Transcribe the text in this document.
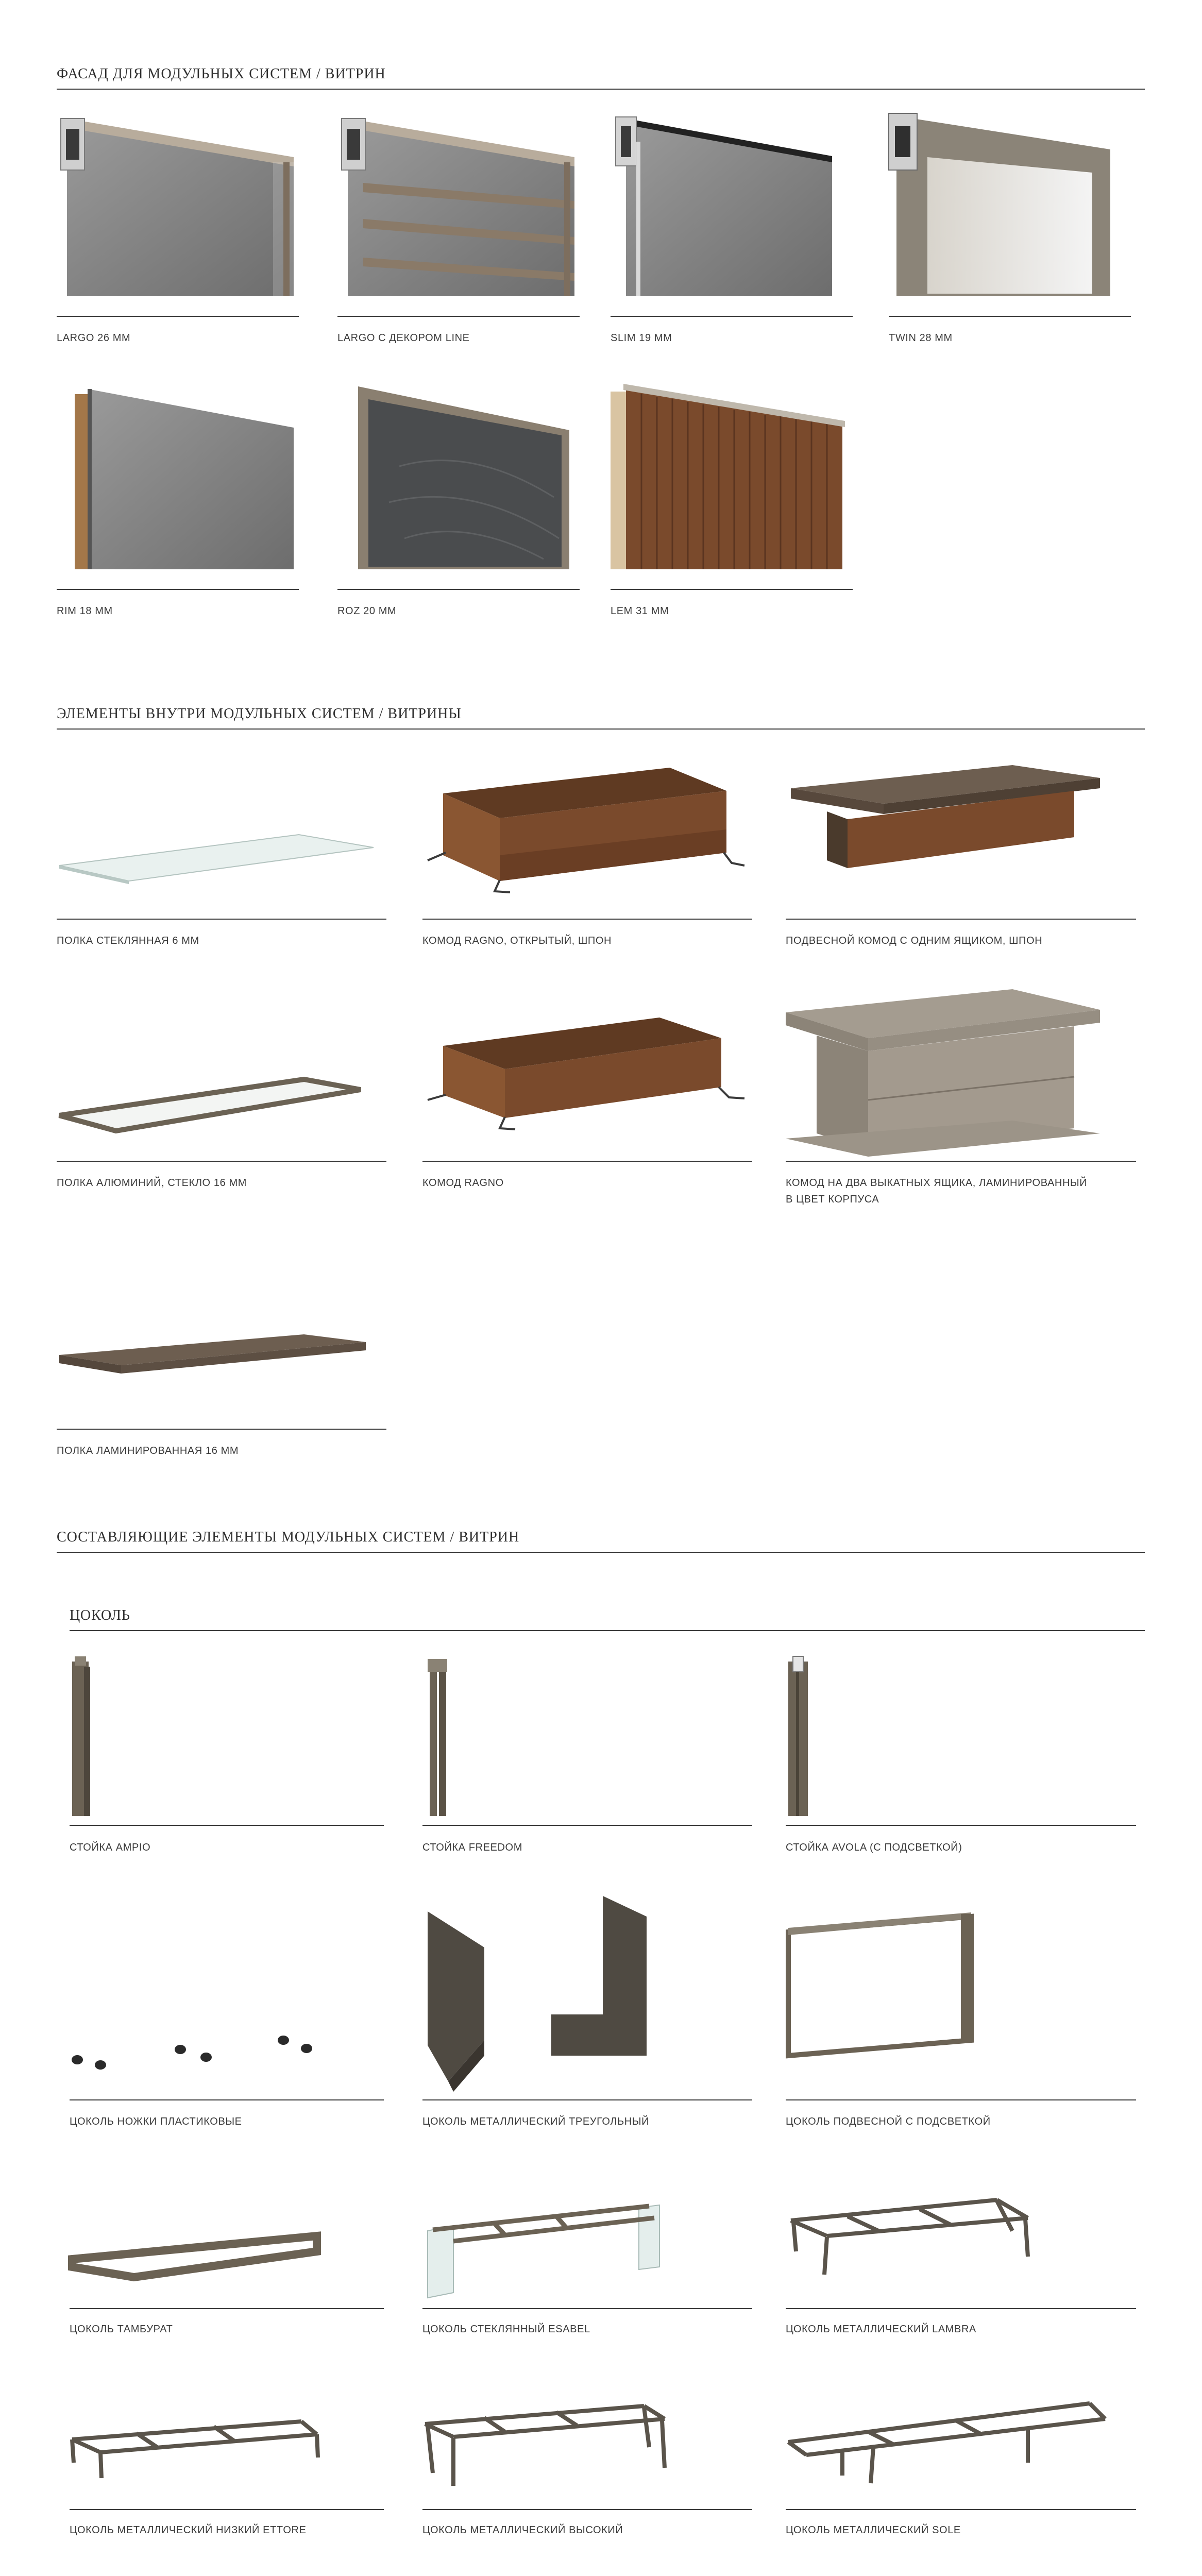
ФАСАД ДЛЯ МОДУЛЬНЫХ СИСТЕМ / ВИТРИН
LARGO 26 MM	LARGO С ДЕКОРОМ LINE	SLIM 19 MM	TWIN 28 MM
RIM 18 MM	ROZ 20 MM	LEM 31 MM
ЭЛЕМЕНТЫ ВНУТРИ МОДУЛЬНЫХ СИСТЕМ / ВИТРИНЫ
ПОЛКА СТЕКЛЯННАЯ 6 ММ	КОМОД RAGNO, ОТКРЫТЫЙ, ШПОН	ПОДВЕСНОЙ КОМОД С ОДНИМ ЯЩИКОМ, ШПОН
ПОЛКА АЛЮМИНИЙ, СТЕКЛО 16 ММ	КОМОД RAGNO	КОМОД НА ДВА ВЫКАТНЫХ ЯЩИКА, ЛАМИНИРОВАННЫЙ
В ЦВЕТ КОРПУСА
ПОЛКА ЛАМИНИРОВАННАЯ 16 ММ
СОСТАВЛЯЮЩИЕ ЭЛЕМЕНТЫ МОДУЛЬНЫХ СИСТЕМ / ВИТРИН
ЦОКОЛЬ
СТОЙКА AMPIO	СТОЙКА FREEDOM	СТОЙКА AVOLA (С ПОДСВЕТКОЙ)
ЦОКОЛЬ НОЖКИ ПЛАСТИКОВЫЕ	ЦОКОЛЬ МЕТАЛЛИЧЕСКИЙ ТРЕУГОЛЬНЫЙ	ЦОКОЛЬ ПОДВЕСНОЙ С ПОДСВЕТКОЙ
ЦОКОЛЬ ТАМБУРАТ	ЦОКОЛЬ СТЕКЛЯННЫЙ ESABEL	ЦОКОЛЬ МЕТАЛЛИЧЕСКИЙ LAMBRA
ЦОКОЛЬ МЕТАЛЛИЧЕСКИЙ НИЗКИЙ ETTORE	ЦОКОЛЬ МЕТАЛЛИЧЕСКИЙ ВЫСОКИЙ	ЦОКОЛЬ МЕТАЛЛИЧЕСКИЙ SOLE
